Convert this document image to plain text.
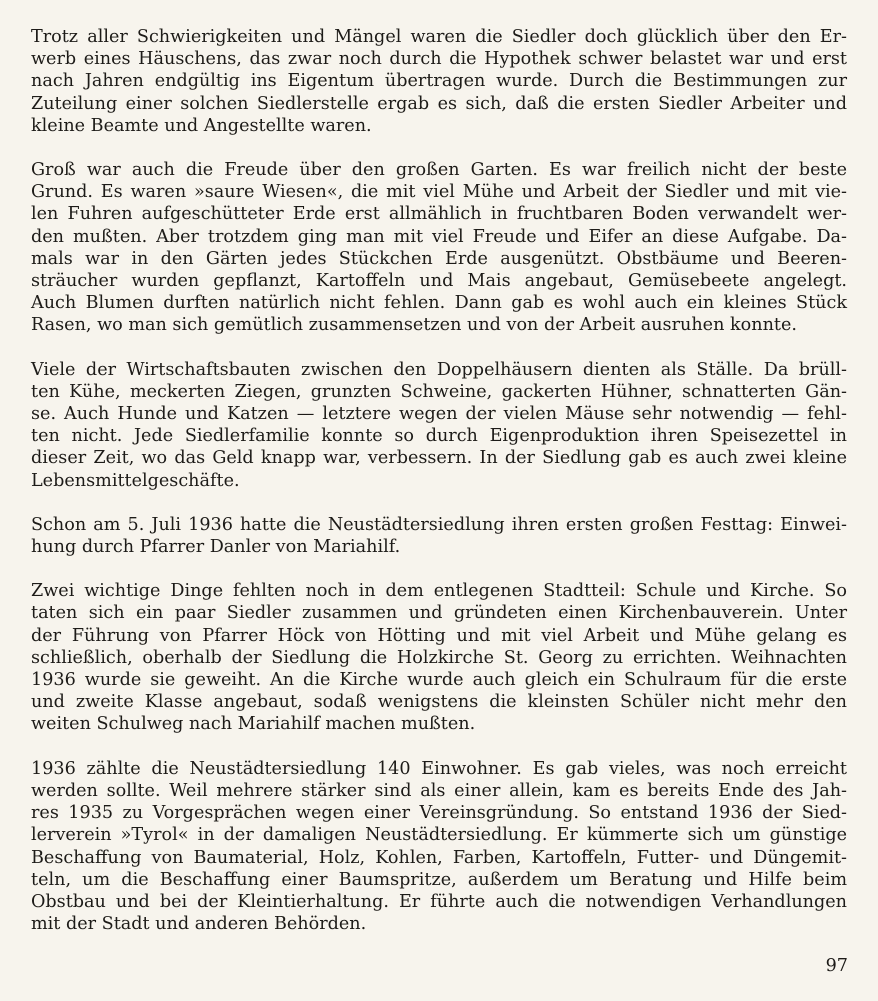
Trotz aller Schwierigkeiten und Mängel waren die Siedler doch glücklich über den Er-
werb eines Häuschens, das zwar noch durch die Hypothek schwer belastet war und erst
nach Jahren endgültig ins Eigentum übertragen wurde. Durch die Bestimmungen zur
Zuteilung einer solchen Siedlerstelle ergab es sich, daß die ersten Siedler Arbeiter und
kleine Beamte und Angestellte waren.

Groß war auch die Freude über den großen Garten. Es war freilich nicht der beste
Grund. Es waren »saure Wiesen«, die mit viel Mühe und Arbeit der Siedler und mit vie-
len Fuhren aufgeschütteter Erde erst allmählich in fruchtbaren Boden verwandelt wer-
den mußten. Aber trotzdem ging man mit viel Freude und Eifer an diese Aufgabe. Da-
mals war in den Gärten jedes Stückchen Erde ausgenützt. Obstbäume und Beeren-
sträucher wurden gepflanzt, Kartoffeln und Mais angebaut, Gemüsebeete angelegt.
Auch Blumen durften natürlich nicht fehlen. Dann gab es wohl auch ein kleines Stück
Rasen, wo man sich gemütlich zusammensetzen und von der Arbeit ausruhen konnte.

Viele der Wirtschaftsbauten zwischen den Doppelhäusern dienten als Ställe. Da brüll-
ten Kühe, meckerten Ziegen, grunzten Schweine, gackerten Hühner, schnatterten Gän-
se. Auch Hunde und Katzen — letztere wegen der vielen Mäuse sehr notwendig — fehl-
ten nicht. Jede Siedlerfamilie konnte so durch Eigenproduktion ihren Speisezettel in
dieser Zeit, wo das Geld knapp war, verbessern. In der Siedlung gab es auch zwei kleine
Lebensmittelgeschäfte.

Schon am 5. Juli 1936 hatte die Neustädtersiedlung ihren ersten großen Festtag: Einwei-
hung durch Pfarrer Danler von Mariahilf.

Zwei wichtige Dinge fehlten noch in dem entlegenen Stadtteil: Schule und Kirche. So
taten sich ein paar Siedler zusammen und gründeten einen Kirchenbauverein. Unter
der Führung von Pfarrer Höck von Hötting und mit viel Arbeit und Mühe gelang es
schließlich, oberhalb der Siedlung die Holzkirche St. Georg zu errichten. Weihnachten
1936 wurde sie geweiht. An die Kirche wurde auch gleich ein Schulraum für die erste
und zweite Klasse angebaut, sodaß wenigstens die kleinsten Schüler nicht mehr den
weiten Schulweg nach Mariahilf machen mußten.

1936 zählte die Neustädtersiedlung 140 Einwohner. Es gab vieles, was noch erreicht
werden sollte. Weil mehrere stärker sind als einer allein, kam es bereits Ende des Jah-
res 1935 zu Vorgesprächen wegen einer Vereinsgründung. So entstand 1936 der Sied-
lerverein »Tyrol« in der damaligen Neustädtersiedlung. Er kümmerte sich um günstige
Beschaffung von Baumaterial, Holz, Kohlen, Farben, Kartoffeln, Futter- und Düngemit-
teln, um die Beschaffung einer Baumspritze, außerdem um Beratung und Hilfe beim
Obstbau und bei der Kleintierhaltung. Er führte auch die notwendigen Verhandlungen
mit der Stadt und anderen Behörden.

97
